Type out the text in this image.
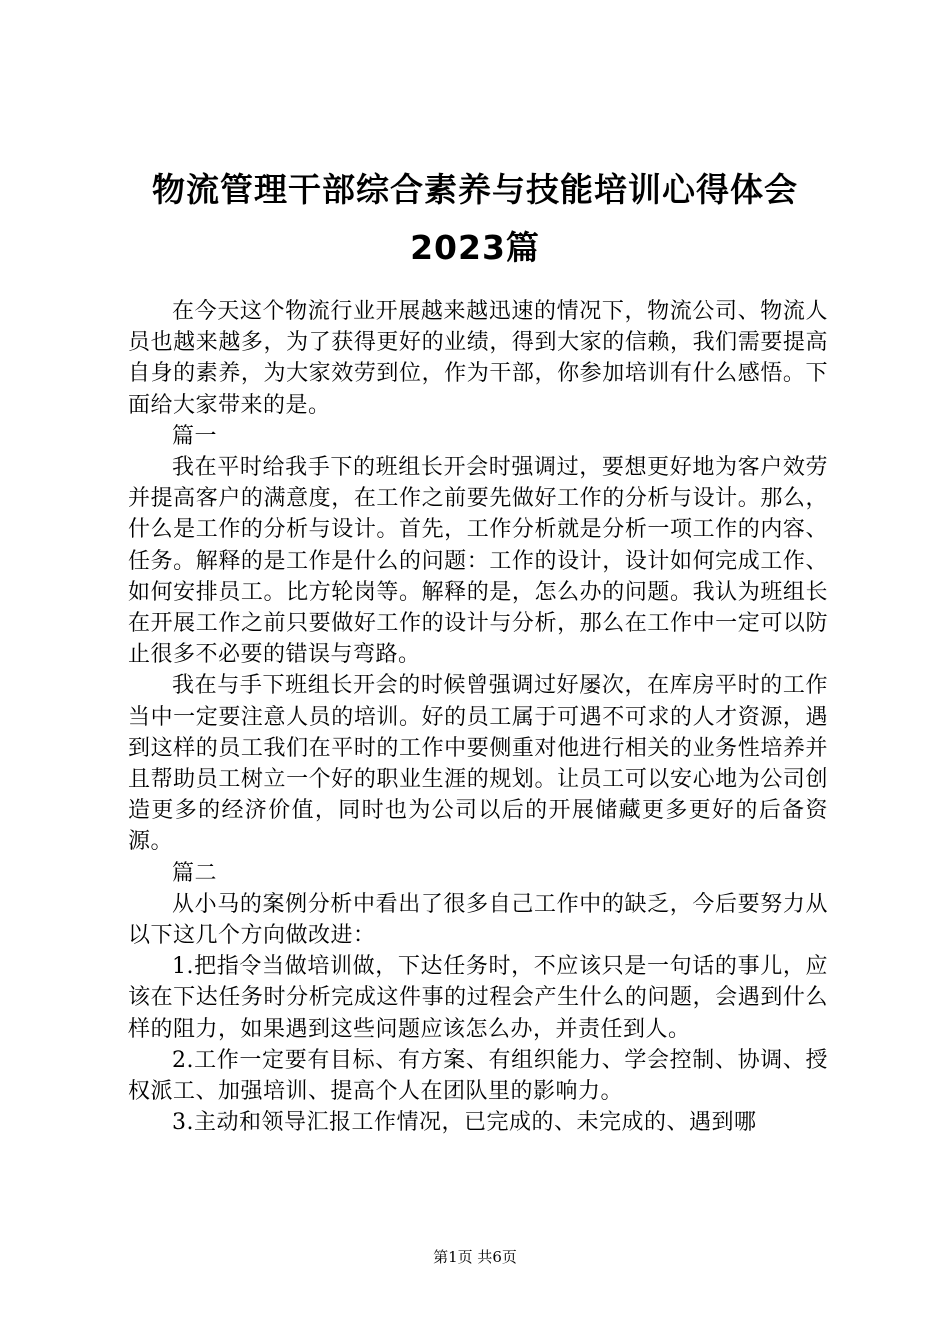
物流管理干部综合素养与技能培训心得体会
2023篇

在今天这个物流行业开展越来越迅速的情况下，物流公司、物流人员也越来越多，为了获得更好的业绩，得到大家的信赖，我们需要提高自身的素养，为大家效劳到位，作为干部，你参加培训有什么感悟。下面给大家带来的是。

篇一

我在平时给我手下的班组长开会时强调过，要想更好地为客户效劳并提高客户的满意度，在工作之前要先做好工作的分析与设计。那么，什么是工作的分析与设计。首先，工作分析就是分析一项工作的内容、任务。解释的是工作是什么的问题：工作的设计，设计如何完成工作、如何安排员工。比方轮岗等。解释的是，怎么办的问题。我认为班组长在开展工作之前只要做好工作的设计与分析，那么在工作中一定可以防止很多不必要的错误与弯路。

我在与手下班组长开会的时候曾强调过好屡次，在库房平时的工作当中一定要注意人员的培训。好的员工属于可遇不可求的人才资源，遇到这样的员工我们在平时的工作中要侧重对他进行相关的业务性培养并且帮助员工树立一个好的职业生涯的规划。让员工可以安心地为公司创造更多的经济价值，同时也为公司以后的开展储藏更多更好的后备资源。

篇二

从小马的案例分析中看出了很多自己工作中的缺乏，今后要努力从以下这几个方向做改进：

1.把指令当做培训做，下达任务时，不应该只是一句话的事儿，应该在下达任务时分析完成这件事的过程会产生什么的问题，会遇到什么样的阻力，如果遇到这些问题应该怎么办，并责任到人。

2.工作一定要有目标、有方案、有组织能力、学会控制、协调、授权派工、加强培训、提高个人在团队里的影响力。

3.主动和领导汇报工作情况，已完成的、未完成的、遇到哪

第1页 共6页
